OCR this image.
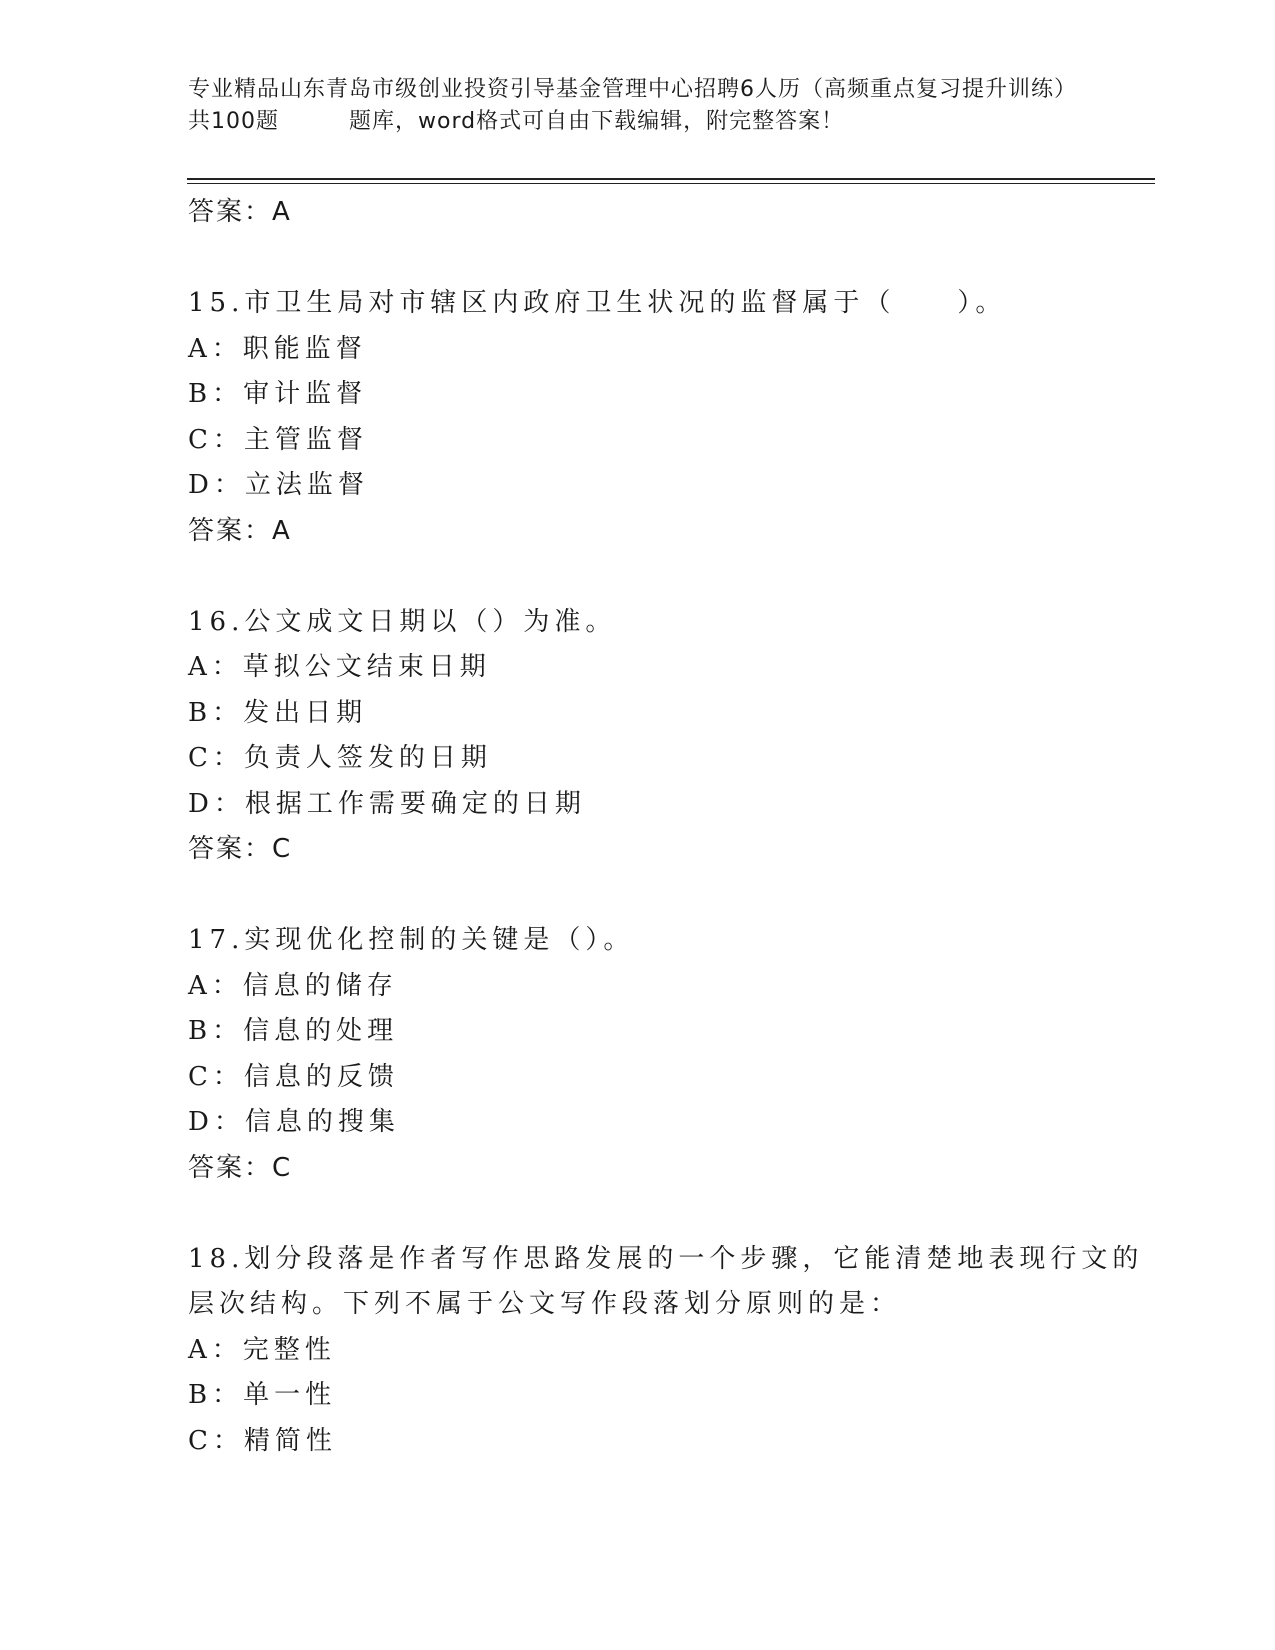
专业精品山东青岛市级创业投资引导基金管理中心招聘6人历（高频重点复习提升训练）共100题	题库，word格式可自由下载编辑，附完整答案！
答案：A
15.市卫生局对市辖区内政府卫生状况的监督属于（　　）。
A：职能监督
B：审计监督
C：主管监督
D：立法监督
答案：A
16.公文成文日期以（）为准。
A：草拟公文结束日期
B：发出日期
C：负责人签发的日期
D：根据工作需要确定的日期
答案：C
17.实现优化控制的关键是（）。
A：信息的储存
B：信息的处理
C：信息的反馈
D：信息的搜集
答案：C
18.划分段落是作者写作思路发展的一个步骤，它能清楚地表现行文的
层次结构。下列不属于公文写作段落划分原则的是：
A：完整性
B：单一性
C：精简性
